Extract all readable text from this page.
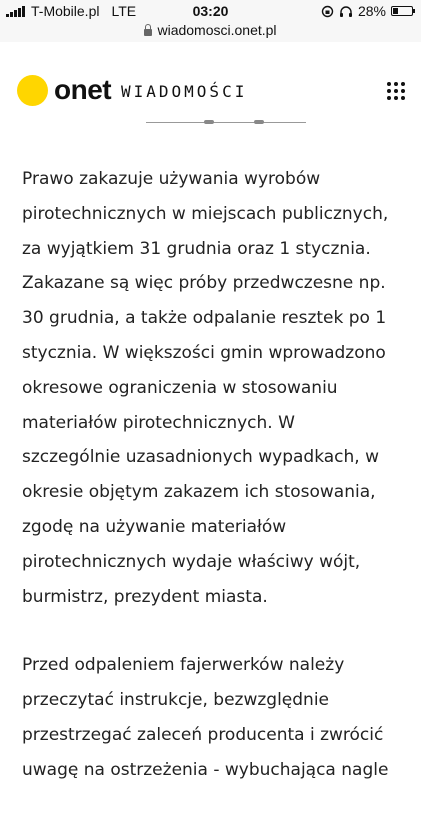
T-Mobile.pl LTE	03:20	28%
wiadomosci.onet.pl
onet WIADOMOŚCI

Prawo zakazuje używania wyrobów
pirotechnicznych w miejscach publicznych,
za wyjątkiem 31 grudnia oraz 1 stycznia.
Zakazane są więc próby przedwczesne np.
30 grudnia, a także odpalanie resztek po 1
stycznia. W większości gmin wprowadzono
okresowe ograniczenia w stosowaniu
materiałów pirotechnicznych. W
szczególnie uzasadnionych wypadkach, w
okresie objętym zakazem ich stosowania,
zgodę na używanie materiałów
pirotechnicznych wydaje właściwy wójt,
burmistrz, prezydent miasta.

Przed odpaleniem fajerwerków należy
przeczytać instrukcje, bezwzględnie
przestrzegać zaleceń producenta i zwrócić
uwagę na ostrzeżenia - wybuchająca nagle
